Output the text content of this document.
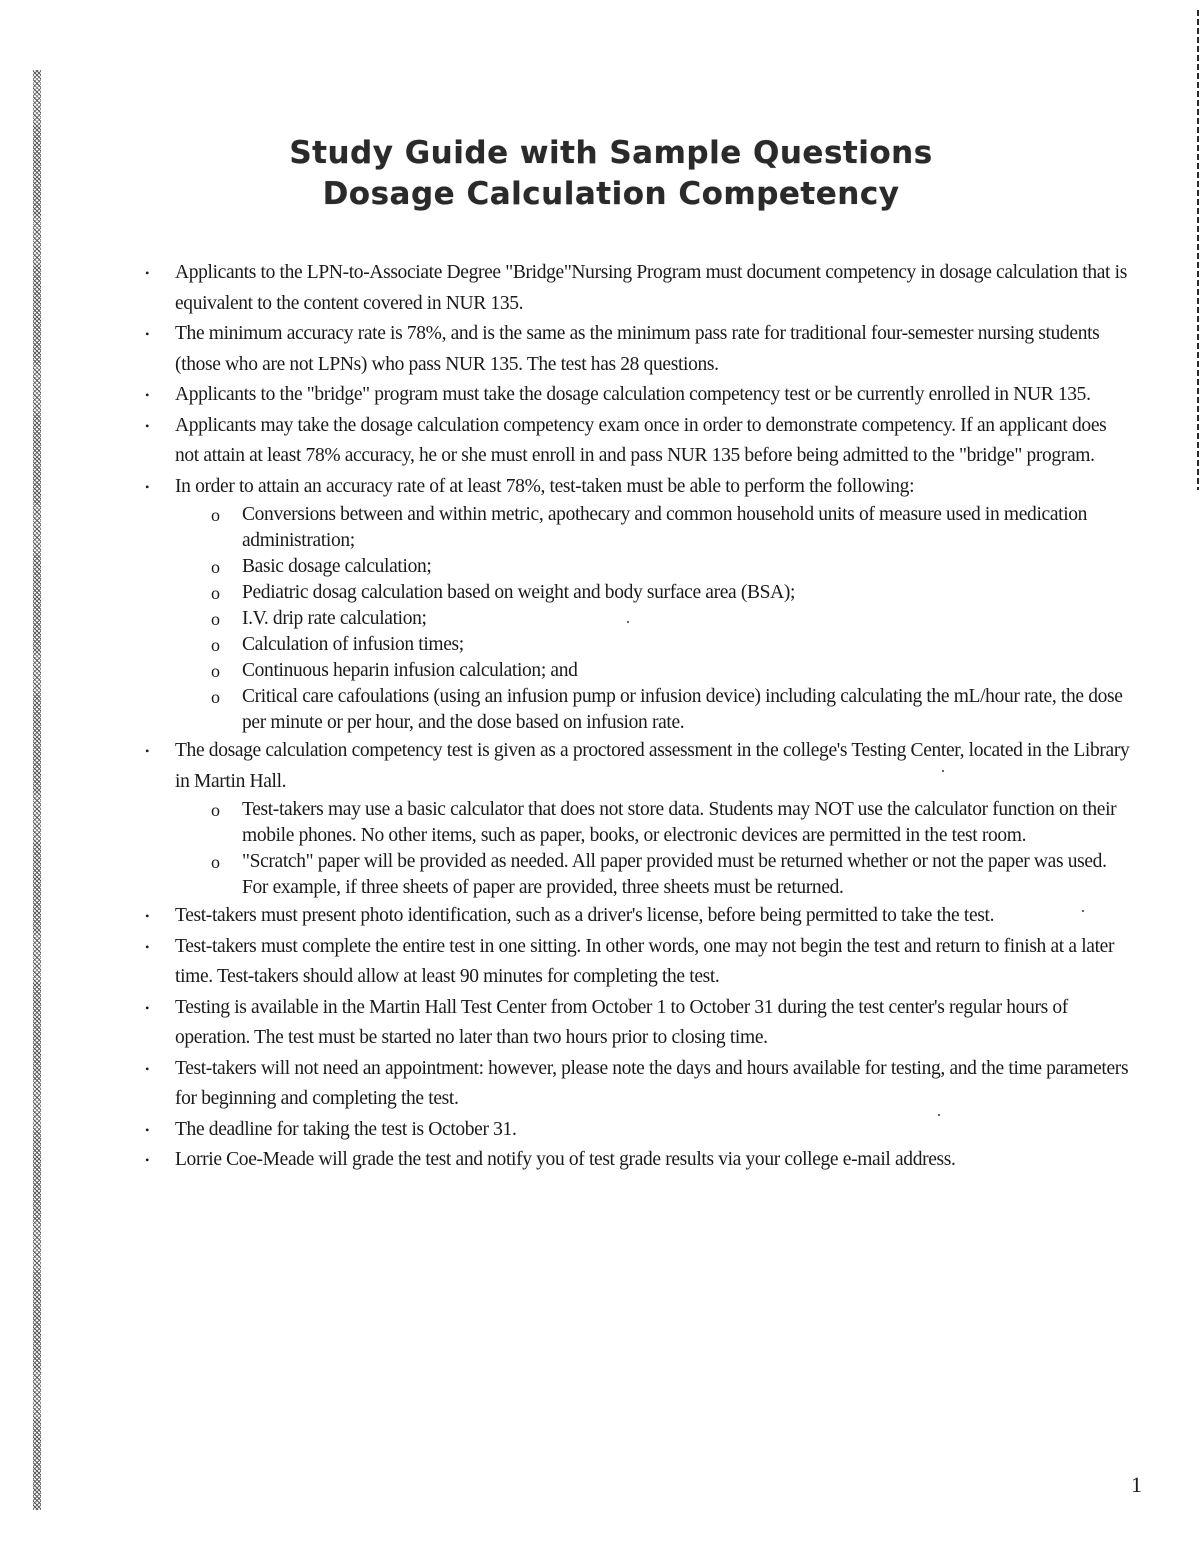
Study Guide with Sample Questions
Dosage Calculation Competency
• Applicants to the LPN-to-Associate Degree "Bridge"Nursing Program must document competency in dosage calculation that is equivalent to the content covered in NUR 135.
• The minimum accuracy rate is 78%, and is the same as the minimum pass rate for traditional four-semester nursing students (those who are not LPNs) who pass NUR 135. The test has 28 questions.
• Applicants to the "bridge" program must take the dosage calculation competency test or be currently enrolled in NUR 135.
• Applicants may take the dosage calculation competency exam once in order to demonstrate competency. If an applicant does not attain at least 78% accuracy, he or she must enroll in and pass NUR 135 before being admitted to the "bridge" program.
• In order to attain an accuracy rate of at least 78%, test-taken must be able to perform the following:
o Conversions between and within metric, apothecary and common household units of measure used in medication administration;
o Basic dosage calculation;
o Pediatric dosag calculation based on weight and body surface area (BSA);
o I.V. drip rate calculation;
o Calculation of infusion times;
o Continuous heparin infusion calculation; and
o Critical care cafoulations (using an infusion pump or infusion device) including calculating the mL/hour rate, the dose per minute or per hour, and the dose based on infusion rate.
• The dosage calculation competency test is given as a proctored assessment in the college's Testing Center, located in the Library in Martin Hall.
o Test-takers may use a basic calculator that does not store data. Students may NOT use the calculator function on their mobile phones. No other items, such as paper, books, or electronic devices are permitted in the test room.
o "Scratch" paper will be provided as needed. All paper provided must be returned whether or not the paper was used. For example, if three sheets of paper are provided, three sheets must be returned.
• Test-takers must present photo identification, such as a driver's license, before being permitted to take the test.
• Test-takers must complete the entire test in one sitting. In other words, one may not begin the test and return to finish at a later time. Test-takers should allow at least 90 minutes for completing the test.
• Testing is available in the Martin Hall Test Center from October 1 to October 31 during the test center's regular hours of operation. The test must be started no later than two hours prior to closing time.
• Test-takers will not need an appointment: however, please note the days and hours available for testing, and the time parameters for beginning and completing the test.
• The deadline for taking the test is October 31.
• Lorrie Coe-Meade will grade the test and notify you of test grade results via your college e-mail address.
1
